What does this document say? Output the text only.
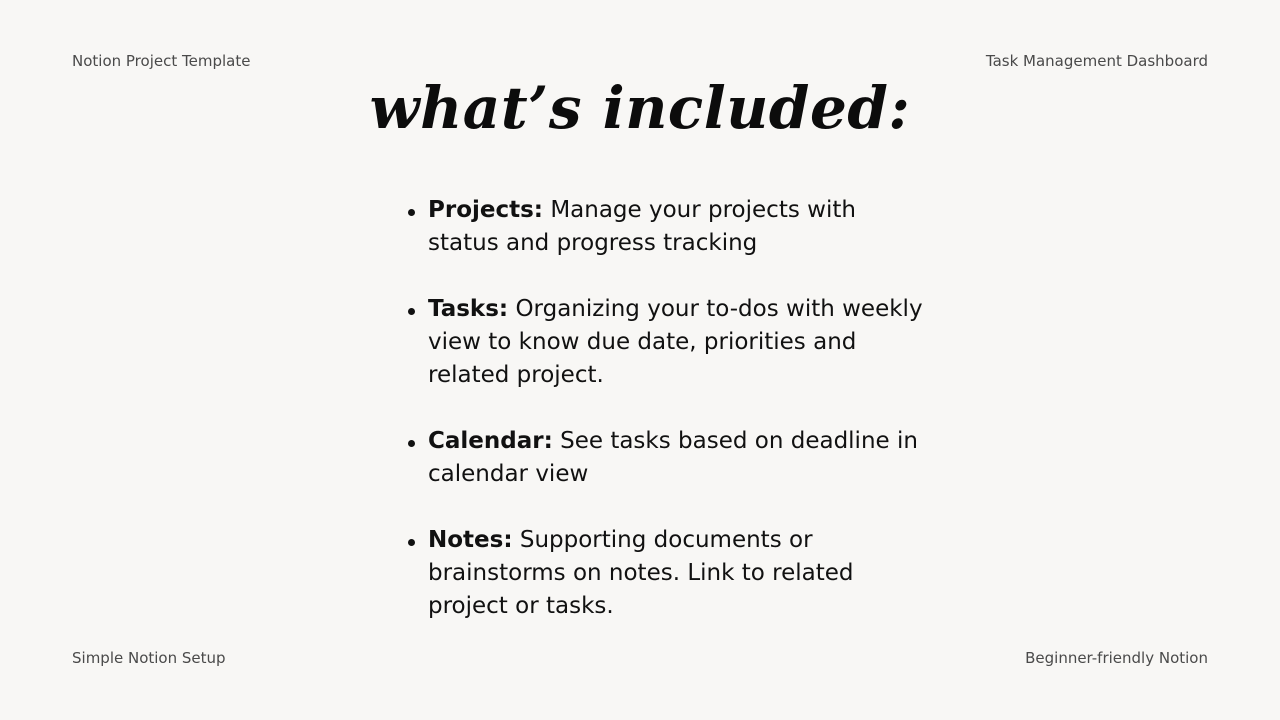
Notion Project Template	Task Management Dashboard
Simple Notion Setup	Beginner-friendly Notion
what’s included:
Projects: Manage your projects with status and progress tracking
Tasks: Organizing your to-dos with weekly view to know due date, priorities and related project.
Calendar: See tasks based on deadline in calendar view
Notes: Supporting documents or brainstorms on notes. Link to related project or tasks.
